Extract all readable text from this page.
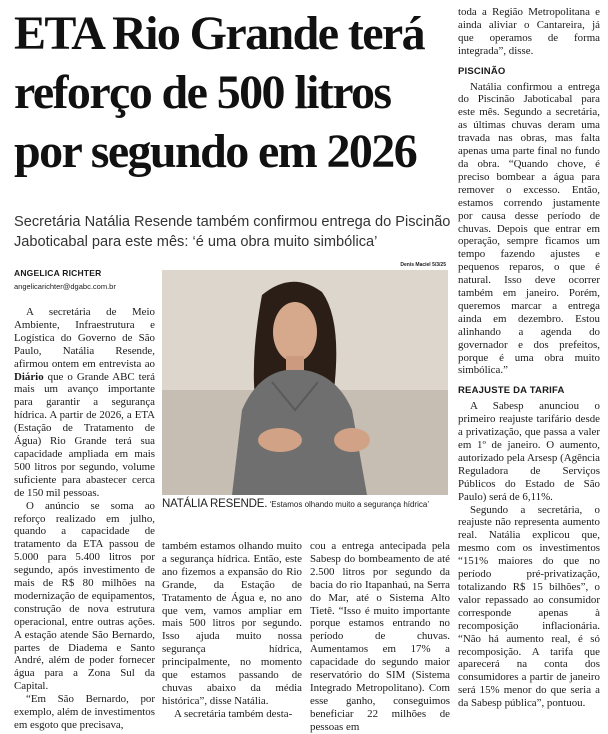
ETA Rio Grande terá reforço de 500 litros por segundo em 2026

Secretária Natália Resende também confirmou entrega do Piscinão Jaboticabal para este mês: ‘é uma obra muito simbólica’

ANGELICA RICHTER
angelicarichter@dgabc.com.br
Denis Maciel 5/3/25
NATÁLIA RESENDE. ‘Estamos olhando muito a segurança hídrica’

A secretária de Meio Ambiente, Infraestrutura e Logística do Governo de São Paulo, Natália Resende, afirmou ontem em entrevista ao Diário que o Grande ABC terá mais um avanço importante para garantir a segurança hídrica. A partir de 2026, a ETA (Estação de Tratamento de Água) Rio Grande terá sua capacidade ampliada em mais 500 litros por segundo, volume suficiente para abastecer cerca de 150 mil pessoas.

O anúncio se soma ao reforço realizado em julho, quando a capacidade de tratamento da ETA passou de 5.000 para 5.400 litros por segundo, após investimento de mais de R$ 80 milhões na modernização de equipamentos, construção de nova estrutura operacional, entre outras ações. A estação atende São Bernardo, partes de Diadema e Santo André, além de poder fornecer água para a Zona Sul da Capital.

“Em São Bernardo, por exemplo, além de investimentos em esgoto que precisava,

também estamos olhando muito a segurança hídrica. Então, este ano fizemos a expansão do Rio Grande, da Estação de Tratamento de Água e, no ano que vem, vamos ampliar em mais 500 litros por segundo. Isso ajuda muito nossa segurança hídrica, principalmente, no momento que estamos passando de chuvas abaixo da média histórica”, disse Natália.

A secretária também desta-

cou a entrega antecipada pela Sabesp do bombeamento de até 2.500 litros por segundo da bacia do rio Itapanhaú, na Serra do Mar, até o Sistema Alto Tietê. “Isso é muito importante porque estamos entrando no período de chuvas. Aumentamos em 17% a capacidade do segundo maior reservatório do SIM (Sistema Integrado Metropolitano). Com esse ganho, conseguimos beneficiar 22 milhões de pessoas em

toda a Região Metropolitana e ainda aliviar o Cantareira, já que operamos de forma integrada”, disse.

PISCINÃO

Natália confirmou a entrega do Piscinão Jaboticabal para este mês. Segundo a secretária, as últimas chuvas deram uma travada nas obras, mas falta apenas uma parte final no fundo da obra. “Quando chove, é preciso bombear a água para remover o excesso. Então, estamos correndo justamente por causa desse período de chuvas. Depois que entrar em operação, sempre ficamos um tempo fazendo ajustes e pequenos reparos, o que é natural. Isso deve ocorrer também em janeiro. Porém, queremos marcar a entrega ainda em dezembro. Estou alinhando a agenda do governador e dos prefeitos, porque é uma obra muito simbólica.”

REAJUSTE DA TARIFA

A Sabesp anunciou o primeiro reajuste tarifário desde a privatização, que passa a valer em 1º de janeiro. O aumento, autorizado pela Arsesp (Agência Reguladora de Serviços Públicos do Estado de São Paulo) será de 6,11%.

Segundo a secretária, o reajuste não representa aumento real. Natália explicou que, mesmo com os investimentos “151% maiores do que no período pré-privatização, totalizando R$ 15 bilhões”, o valor repassado ao consumidor corresponde apenas à recomposição inflacionária. “Não há aumento real, é só recomposição. A tarifa que aparecerá na conta dos consumidores a partir de janeiro será 15% menor do que seria a da Sabesp pública”, pontuou.
